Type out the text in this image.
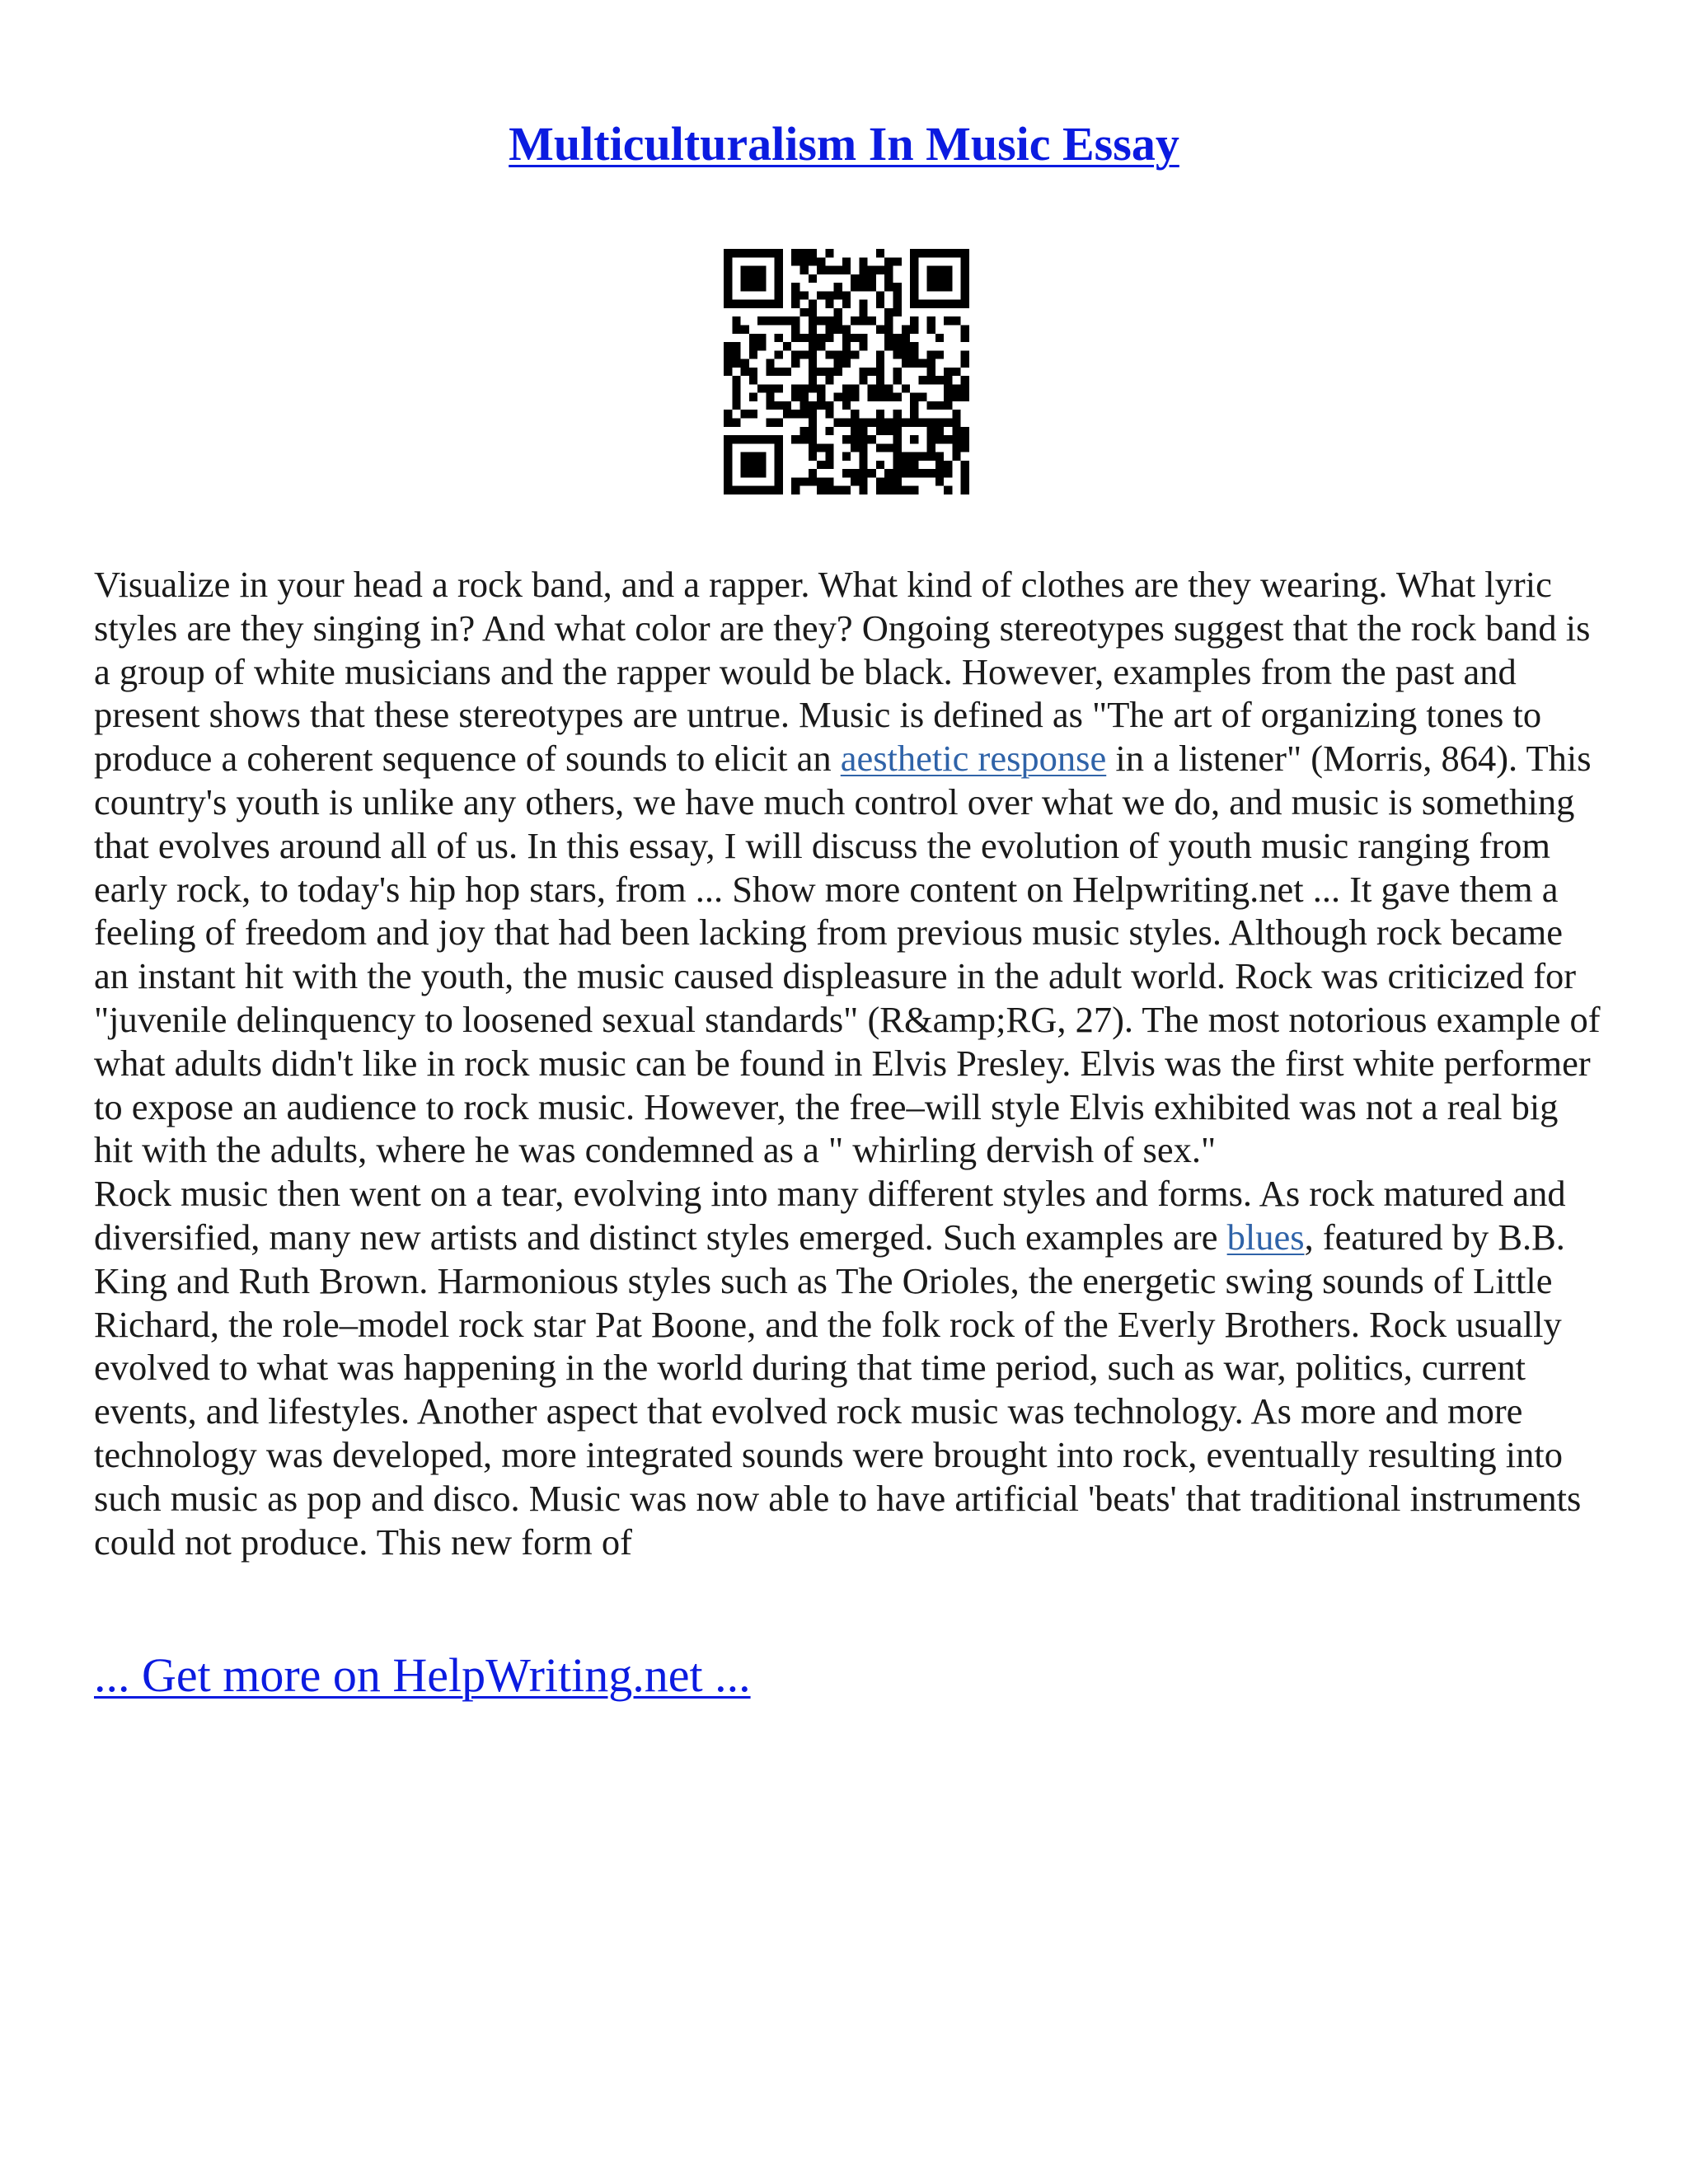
Multiculturalism In Music Essay

Visualize in your head a rock band, and a rapper. What kind of clothes are they wearing. What lyric styles are they singing in? And what color are they? Ongoing stereotypes suggest that the rock band is a group of white musicians and the rapper would be black. However, examples from the past and present shows that these stereotypes are untrue. Music is defined as "The art of organizing tones to produce a coherent sequence of sounds to elicit an aesthetic response in a listener" (Morris, 864). This country's youth is unlike any others, we have much control over what we do, and music is something that evolves around all of us. In this essay, I will discuss the evolution of youth music ranging from early rock, to today's hip hop stars, from ... Show more content on Helpwriting.net ... It gave them a feeling of freedom and joy that had been lacking from previous music styles. Although rock became an instant hit with the youth, the music caused displeasure in the adult world. Rock was criticized for "juvenile delinquency to loosened sexual standards" (R&amp;RG, 27). The most notorious example of what adults didn't like in rock music can be found in Elvis Presley. Elvis was the first white performer to expose an audience to rock music. However, the free–will style Elvis exhibited was not a real big hit with the adults, where he was condemned as a " whirling dervish of sex."

Rock music then went on a tear, evolving into many different styles and forms. As rock matured and diversified, many new artists and distinct styles emerged. Such examples are blues, featured by B.B. King and Ruth Brown. Harmonious styles such as The Orioles, the energetic swing sounds of Little Richard, the role–model rock star Pat Boone, and the folk rock of the Everly Brothers. Rock usually evolved to what was happening in the world during that time period, such as war, politics, current events, and lifestyles. Another aspect that evolved rock music was technology. As more and more technology was developed, more integrated sounds were brought into rock, eventually resulting into such music as pop and disco. Music was now able to have artificial 'beats' that traditional instruments could not produce. This new form of

... Get more on HelpWriting.net ...
